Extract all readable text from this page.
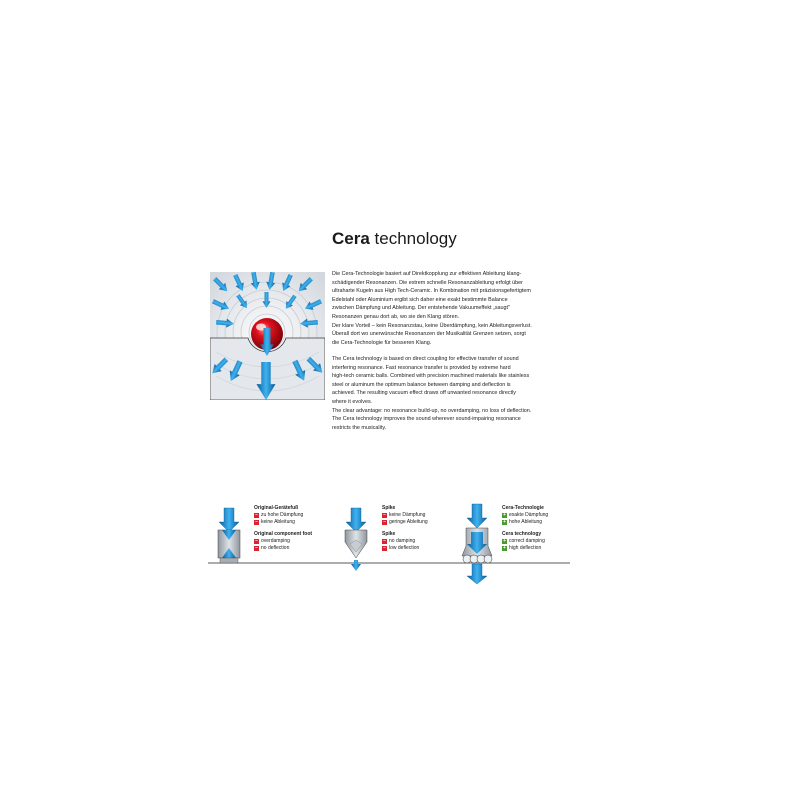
Cera technology

Die Cera-Technologie basiert auf Direktkopplung zur effektiven Ableitung klang-

schädigender Resonanzen. Die extrem schnelle Resonanzableitung erfolgt über

ultraharte Kugeln aus High Tech-Ceramic. In Kombination mit präzisionsgefertigtem

Edelstahl oder Aluminium ergibt sich daher eine exakt bestimmte Balance

zwischen Dämpfung und Ableitung. Der entstehende Vakuumeffekt „saugt"

Resonanzen genau dort ab, wo sie den Klang stören.

Der klare Vorteil – kein Resonanzstau, keine Überdämpfung, kein Ableitungsverlust.

Überall dort wo unerwünschte Resonanzen der Musikalität Grenzen setzen, sorgt

die Cera-Technologie für besseren Klang.

The Cera technology is based on direct coupling for effective transfer of sound

interfering resonance. Fast resonance transfer is provided by extreme hard

high-tech ceramic balls. Combined with precision machined materials like stainless

steel or aluminum the optimum balance between damping and deflection is

achieved. The resulting vacuum effect draws off unwanted resonance directly

where it evolves.

The clear advantage: no resonance build-up, no overdamping, no loss of deflection.

The Cera technology improves the sound wherever sound-impairing resonance

restricts the musicality.

Original-Gerätefuß
– zu hohe Dämpfung
– keine Ableitung
Original component foot
– overdamping
– no deflection
Spike
– keine Dämpfung
– geringe Ableitung
Spike
– no damping
– low deflection
Cera-Technologie
+ exakte Dämpfung
+ hohe Ableitung
Cera technology
+ correct damping
+ high deflection
